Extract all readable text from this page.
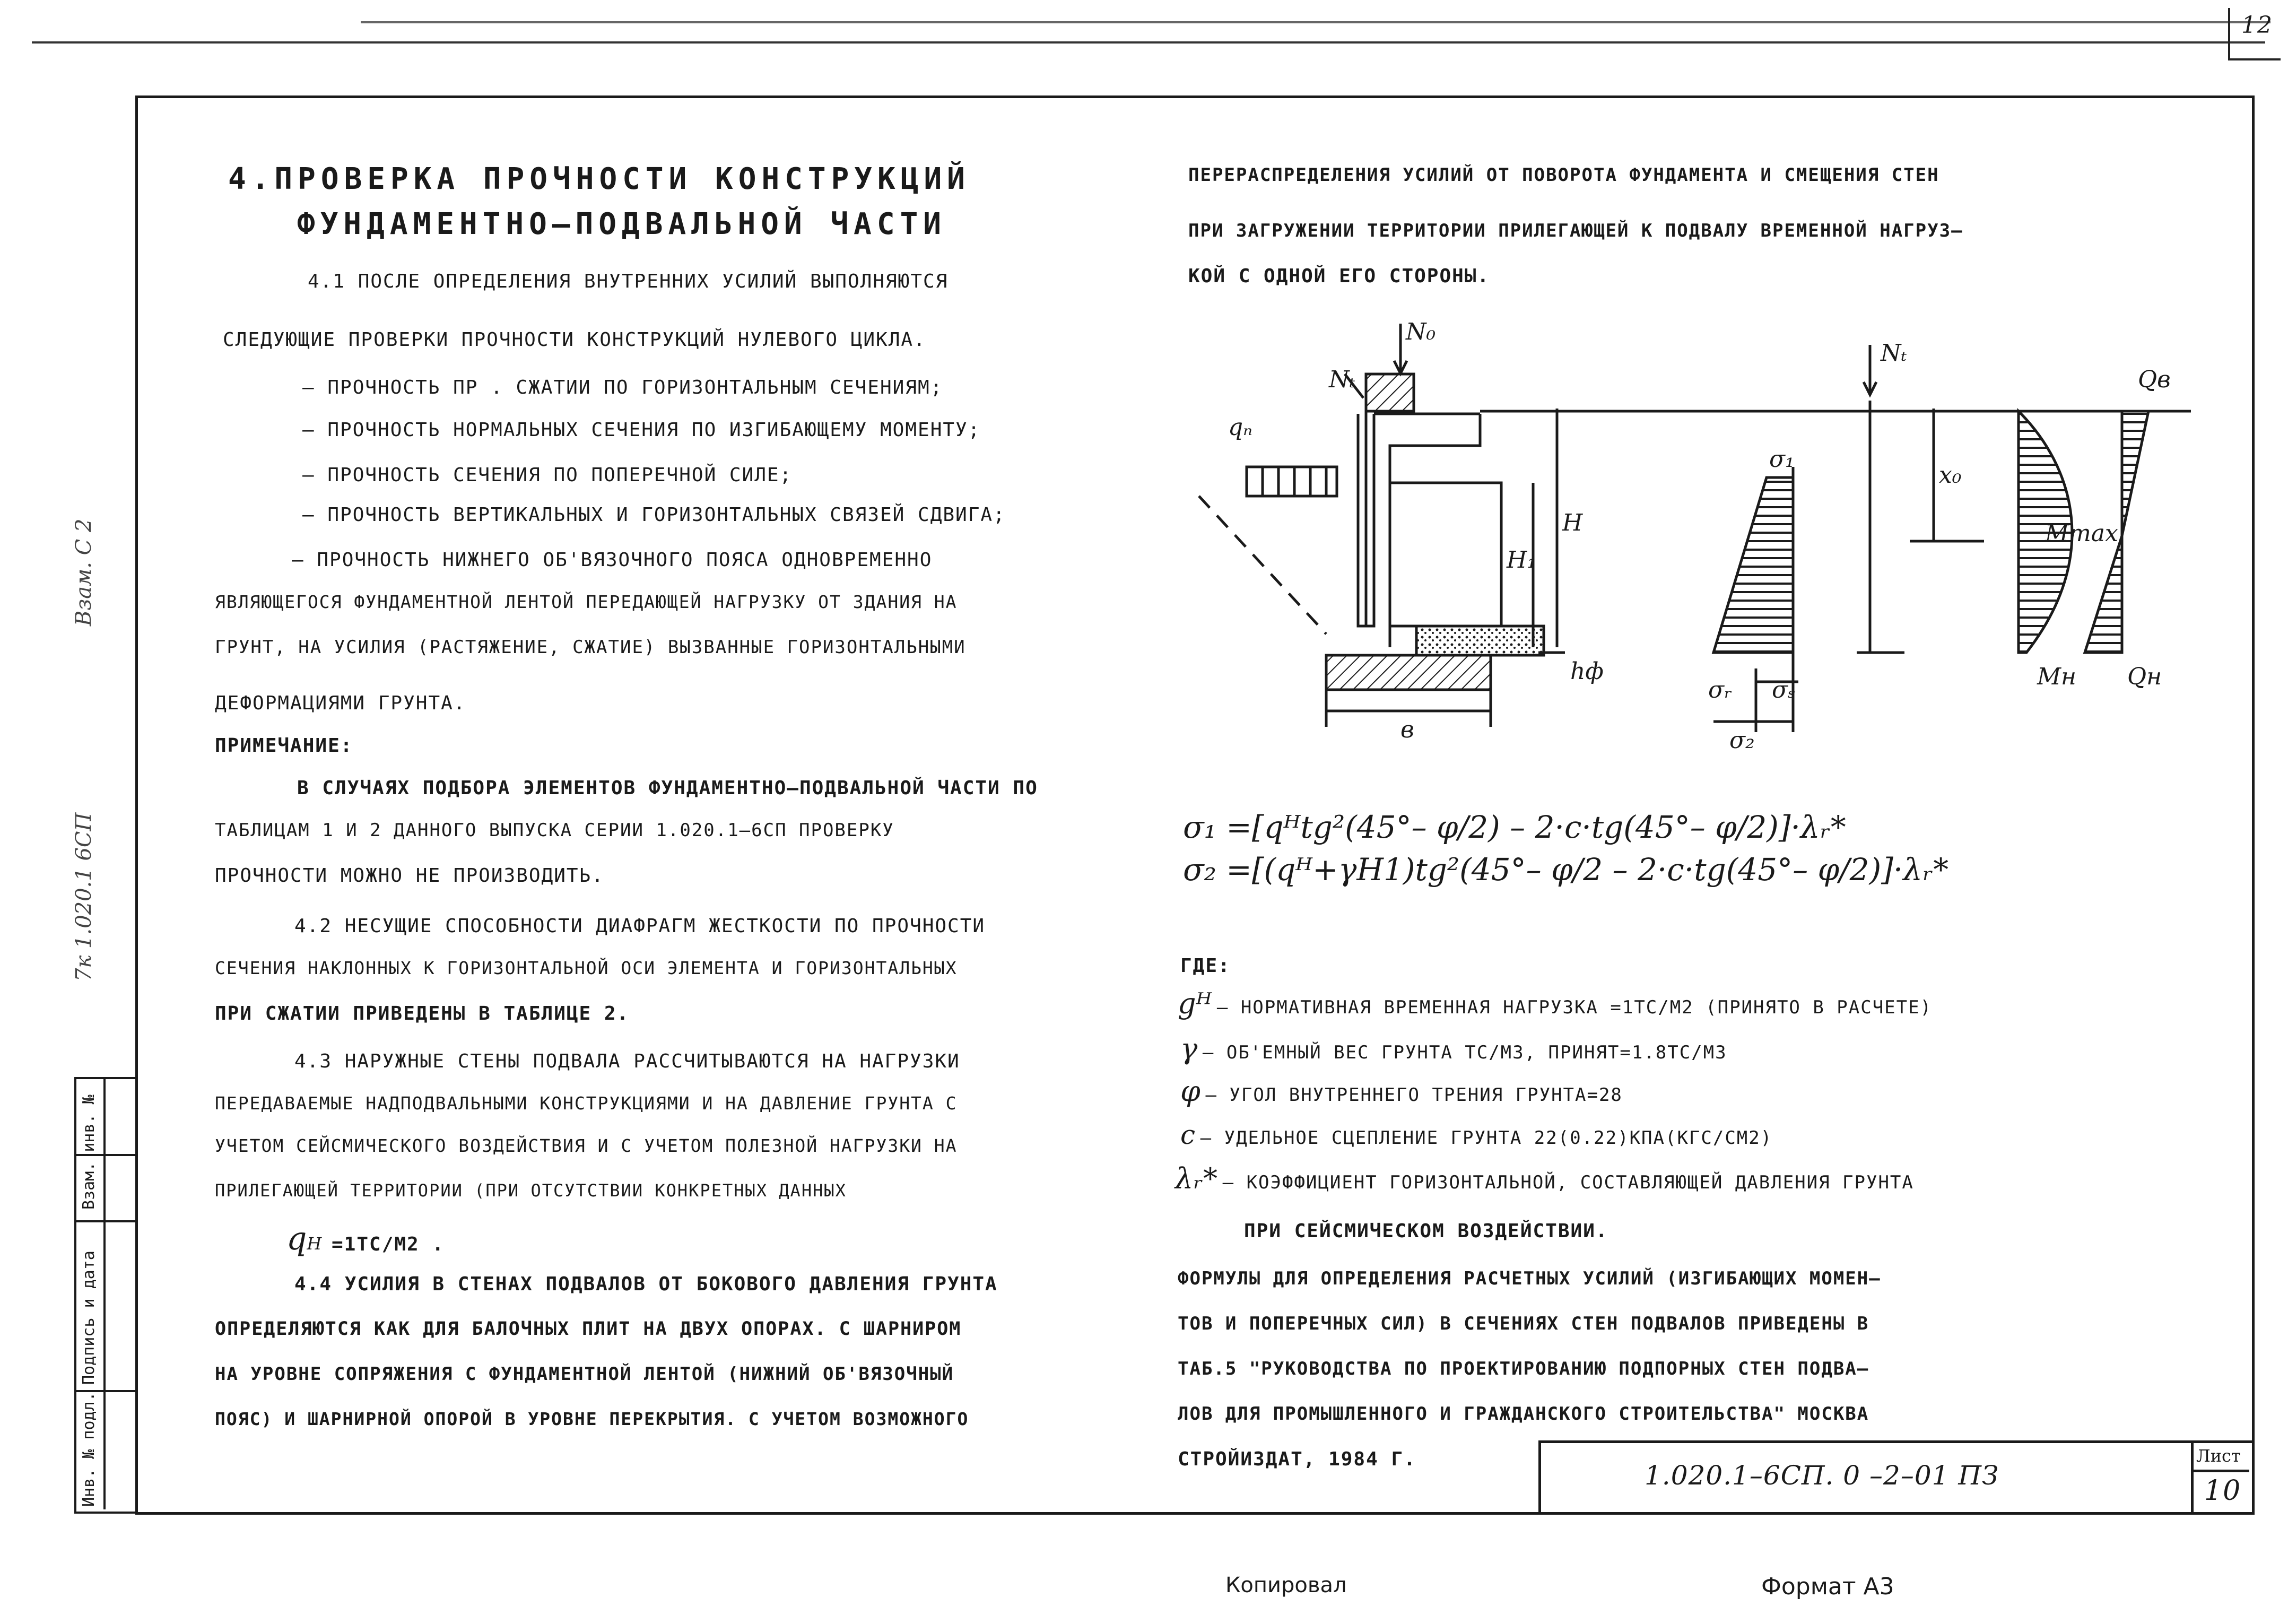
12
Инв. № подл.
Подпись и дата
Взам. инв. №
Взам. С 2
7к 1.020.1 6СП
4.ПРОВЕРКА ПРОЧНОСТИ КОНСТРУКЦИЙ
ФУНДАМЕНТНО–ПОДВАЛЬНОЙ ЧАСТИ
4.1 ПОСЛЕ ОПРЕДЕЛЕНИЯ ВНУТРЕННИХ УСИЛИЙ ВЫПОЛНЯЮТСЯ
СЛЕДУЮЩИЕ ПРОВЕРКИ ПРОЧНОСТИ КОНСТРУКЦИЙ НУЛЕВОГО ЦИКЛА.
– ПРОЧНОСТЬ ПР . СЖАТИИ ПО ГОРИЗОНТАЛЬНЫМ СЕЧЕНИЯМ;
– ПРОЧНОСТЬ НОРМАЛЬНЫХ СЕЧЕНИЯ ПО ИЗГИБАЮЩЕМУ МОМЕНТУ;
– ПРОЧНОСТЬ СЕЧЕНИЯ ПО ПОПЕРЕЧНОЙ СИЛЕ;
– ПРОЧНОСТЬ ВЕРТИКАЛЬНЫХ И ГОРИЗОНТАЛЬНЫХ СВЯЗЕЙ СДВИГА;
– ПРОЧНОСТЬ НИЖНЕГО ОБ'ВЯЗОЧНОГО ПОЯСА ОДНОВРЕМЕННО
ЯВЛЯЮЩЕГОСЯ ФУНДАМЕНТНОЙ ЛЕНТОЙ ПЕРЕДАЮЩЕЙ НАГРУЗКУ ОТ ЗДАНИЯ НА
ГРУНТ, НА УСИЛИЯ (РАСТЯЖЕНИЕ, СЖАТИЕ) ВЫЗВАННЫЕ ГОРИЗОНТАЛЬНЫМИ
ДЕФОРМАЦИЯМИ ГРУНТА.
ПРИМЕЧАНИЕ:
В СЛУЧАЯХ ПОДБОРА ЭЛЕМЕНТОВ ФУНДАМЕНТНО–ПОДВАЛЬНОЙ ЧАСТИ ПО
ТАБЛИЦАМ 1 И 2 ДАННОГО ВЫПУСКА СЕРИИ 1.020.1–6СП ПРОВЕРКУ
ПРОЧНОСТИ МОЖНО НЕ ПРОИЗВОДИТЬ.
4.2 НЕСУЩИЕ СПОСОБНОСТИ ДИАФРАГМ ЖЕСТКОСТИ ПО ПРОЧНОСТИ
СЕЧЕНИЯ НАКЛОННЫХ К ГОРИЗОНТАЛЬНОЙ ОСИ ЭЛЕМЕНТА И ГОРИЗОНТАЛЬНЫХ
ПРИ СЖАТИИ ПРИВЕДЕНЫ В ТАБЛИЦЕ 2.
4.3 НАРУЖНЫЕ СТЕНЫ ПОДВАЛА РАССЧИТЫВАЮТСЯ НА НАГРУЗКИ
ПЕРЕДАВАЕМЫЕ НАДПОДВАЛЬНЫМИ КОНСТРУКЦИЯМИ И НА ДАВЛЕНИЕ ГРУНТА С
УЧЕТОМ СЕЙСМИЧЕСКОГО ВОЗДЕЙСТВИЯ И С УЧЕТОМ ПОЛЕЗНОЙ НАГРУЗКИ НА
ПРИЛЕГАЮЩЕЙ ТЕРРИТОРИИ (ПРИ ОТСУТСТВИИ КОНКРЕТНЫХ ДАННЫХ
qН =1ТС/М2 .
4.4 УСИЛИЯ В СТЕНАХ ПОДВАЛОВ ОТ БОКОВОГО ДАВЛЕНИЯ ГРУНТА
ОПРЕДЕЛЯЮТСЯ КАК ДЛЯ БАЛОЧНЫХ ПЛИТ НА ДВУХ ОПОРАХ. С ШАРНИРОМ
НА УРОВНЕ СОПРЯЖЕНИЯ С ФУНДАМЕНТНОЙ ЛЕНТОЙ (НИЖНИЙ ОБ'ВЯЗОЧНЫЙ
ПОЯС) И ШАРНИРНОЙ ОПОРОЙ В УРОВНЕ ПЕРЕКРЫТИЯ. С УЧЕТОМ ВОЗМОЖНОГО
ПЕРЕРАСПРЕДЕЛЕНИЯ УСИЛИЙ ОТ ПОВОРОТА ФУНДАМЕНТА И СМЕЩЕНИЯ СТЕН
ПРИ ЗАГРУЖЕНИИ ТЕРРИТОРИИ ПРИЛЕГАЮЩЕЙ К ПОДВАЛУ ВРЕМЕННОЙ НАГРУЗ–
КОЙ С ОДНОЙ ЕГО СТОРОНЫ.
N₀
Nₜ
qₙ
H
H₁
hф
в
σ₁
σᵣ σₛ
σ₂
Nₜ
x₀
Mmax
Qв
Mн Qн
σ₁ =[qᴴtg²(45°– φ/2) – 2·c·tg(45°– φ/2)]·λᵣ*
σ₂ =[(qᴴ+γH1)tg²(45°– φ/2 – 2·c·tg(45°– φ/2)]·λᵣ*
ГДЕ:
gᴴ – НОРМАТИВНАЯ ВРЕМЕННАЯ НАГРУЗКА =1ТС/М2 (ПРИНЯТО В РАСЧЕТЕ)
γ – ОБ'ЕМНЫЙ ВЕС ГРУНТА ТС/М3, ПРИНЯТ=1.8ТС/М3
φ – УГОЛ ВНУТРЕННЕГО ТРЕНИЯ ГРУНТА=28
c – УДЕЛЬНОЕ СЦЕПЛЕНИЕ ГРУНТА 22(0.22)КПА(КГС/СМ2)
λᵣ* – КОЭФФИЦИЕНТ ГОРИЗОНТАЛЬНОЙ, СОСТАВЛЯЮЩЕЙ ДАВЛЕНИЯ ГРУНТА
ПРИ СЕЙСМИЧЕСКОМ ВОЗДЕЙСТВИИ.
ФОРМУЛЫ ДЛЯ ОПРЕДЕЛЕНИЯ РАСЧЕТНЫХ УСИЛИЙ (ИЗГИБАЮЩИХ МОМЕН–
ТОВ И ПОПЕРЕЧНЫХ СИЛ) В СЕЧЕНИЯХ СТЕН ПОДВАЛОВ ПРИВЕДЕНЫ В
ТАБ.5 "РУКОВОДСТВА ПО ПРОЕКТИРОВАНИЮ ПОДПОРНЫХ СТЕН ПОДВА–
ЛОВ ДЛЯ ПРОМЫШЛЕННОГО И ГРАЖДАНСКОГО СТРОИТЕЛЬСТВА" МОСКВА
СТРОЙИЗДАТ, 1984 Г.
1.020.1–6СП. 0 –2–01 ПЗ
Лист
10
Копировал	Формат А3
